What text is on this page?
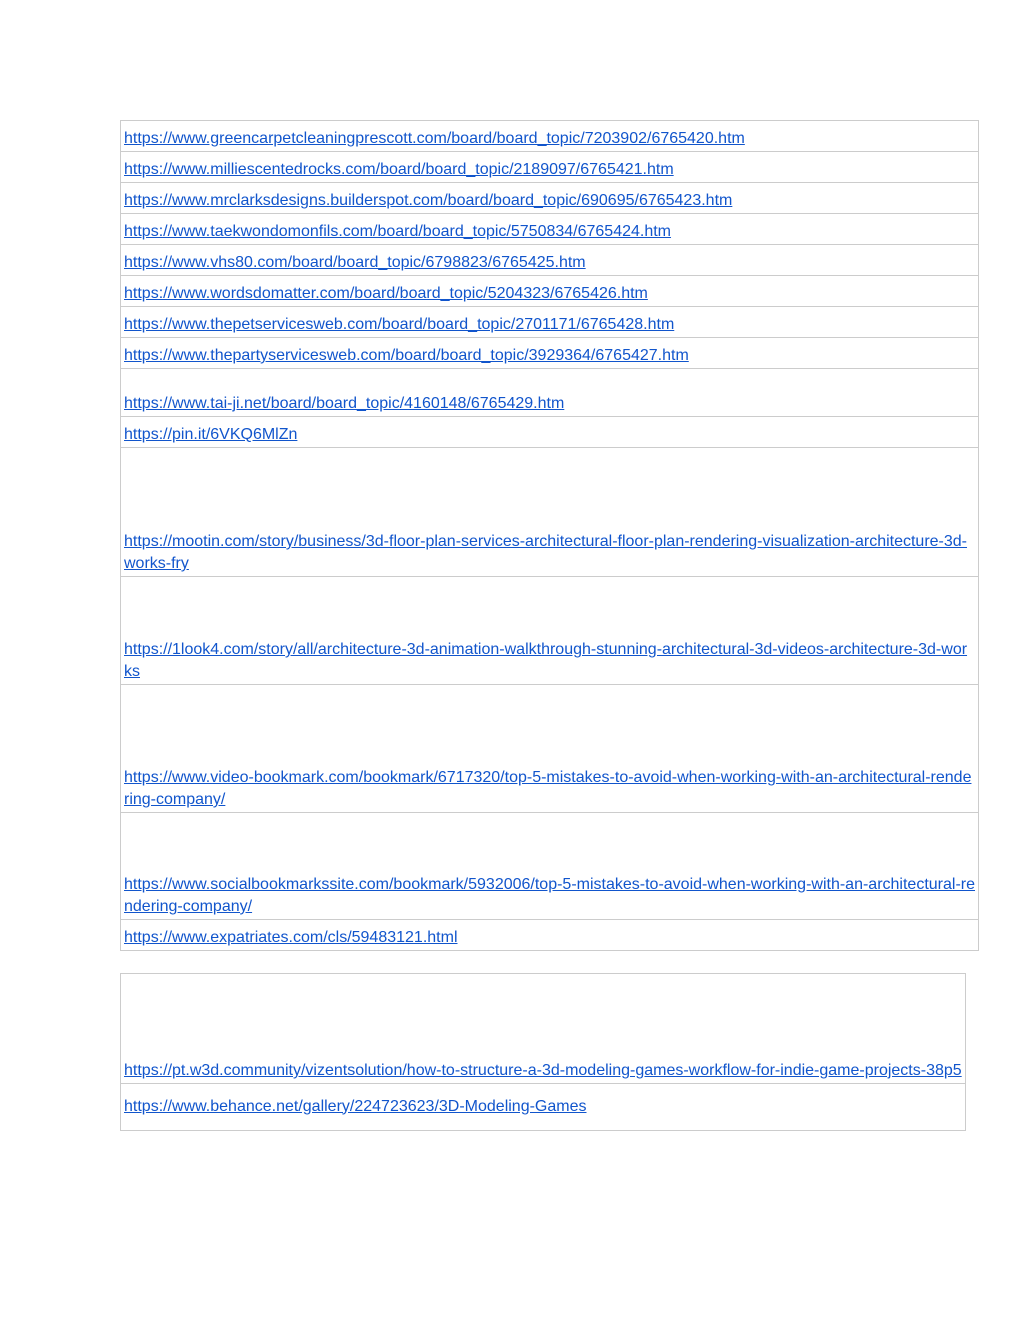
https://www.greencarpetcleaningprescott.com/board/board_topic/7203902/6765420.htm
https://www.milliescentedrocks.com/board/board_topic/2189097/6765421.htm
https://www.mrclarksdesigns.builderspot.com/board/board_topic/690695/6765423.htm
https://www.taekwondomonfils.com/board/board_topic/5750834/6765424.htm
https://www.vhs80.com/board/board_topic/6798823/6765425.htm
https://www.wordsdomatter.com/board/board_topic/5204323/6765426.htm
https://www.thepetservicesweb.com/board/board_topic/2701171/6765428.htm
https://www.thepartyservicesweb.com/board/board_topic/3929364/6765427.htm
https://www.tai-ji.net/board/board_topic/4160148/6765429.htm
https://pin.it/6VKQ6MlZn
https://mootin.com/story/business/3d-floor-plan-services-architectural-floor-plan-rendering-visualization-architecture-3d-works-fry
https://1look4.com/story/all/architecture-3d-animation-walkthrough-stunning-architectural-3d-videos-architecture-3d-works
https://www.video-bookmark.com/bookmark/6717320/top-5-mistakes-to-avoid-when-working-with-an-architectural-rendering-company/
https://www.socialbookmarkssite.com/bookmark/5932006/top-5-mistakes-to-avoid-when-working-with-an-architectural-rendering-company/
https://www.expatriates.com/cls/59483121.html
https://pt.w3d.community/vizentsolution/how-to-structure-a-3d-modeling-games-workflow-for-indie-game-projects-38p5
https://www.behance.net/gallery/224723623/3D-Modeling-Games
